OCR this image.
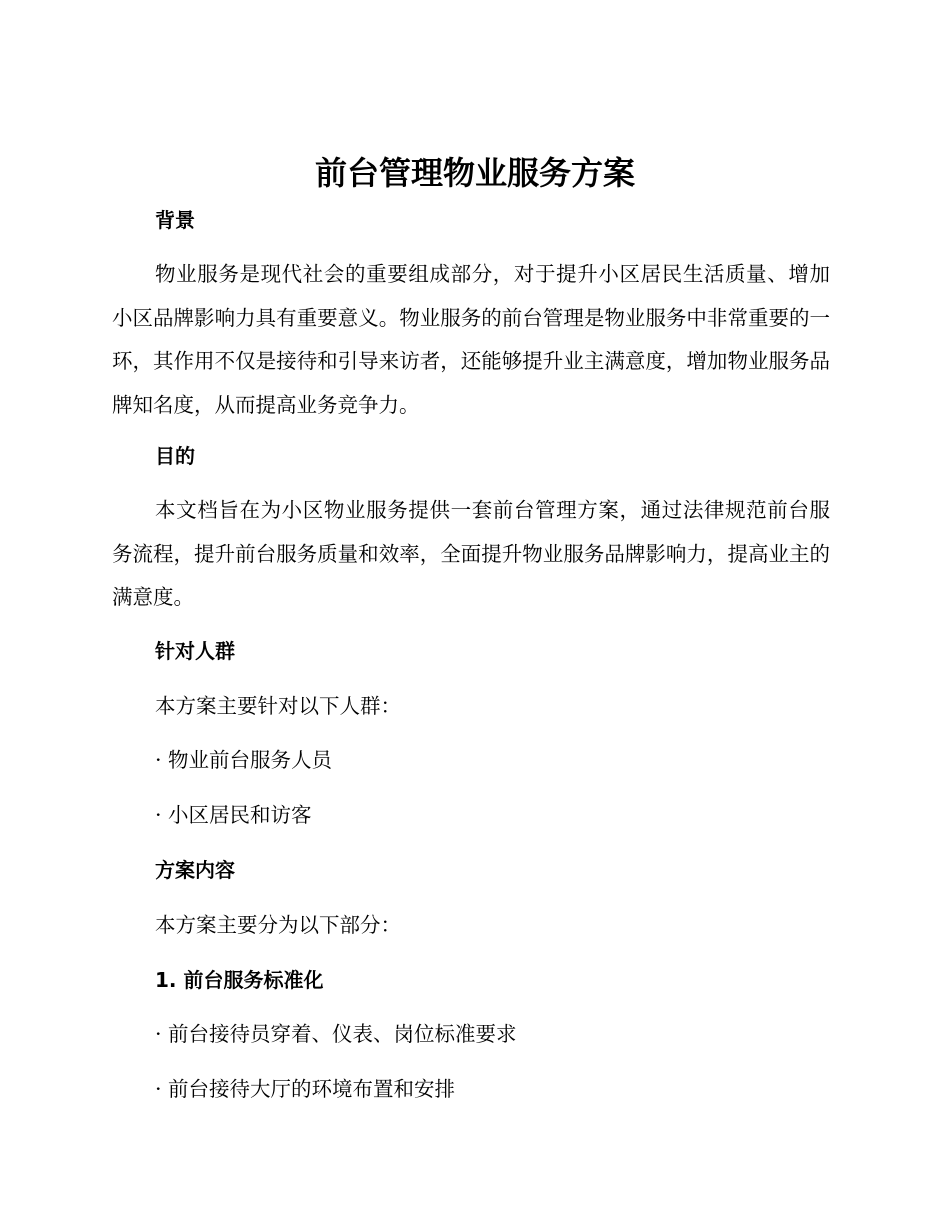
前台管理物业服务方案
背景
物业服务是现代社会的重要组成部分，对于提升小区居民生活质量、增加小区品牌影响力具有重要意义。物业服务的前台管理是物业服务中非常重要的一环，其作用不仅是接待和引导来访者，还能够提升业主满意度，增加物业服务品牌知名度，从而提高业务竞争力。
目的
本文档旨在为小区物业服务提供一套前台管理方案，通过法律规范前台服务流程，提升前台服务质量和效率，全面提升物业服务品牌影响力，提高业主的满意度。
针对人群
本方案主要针对以下人群：
· 物业前台服务人员
· 小区居民和访客
方案内容
本方案主要分为以下部分：
1. 前台服务标准化
· 前台接待员穿着、仪表、岗位标准要求
· 前台接待大厅的环境布置和安排
